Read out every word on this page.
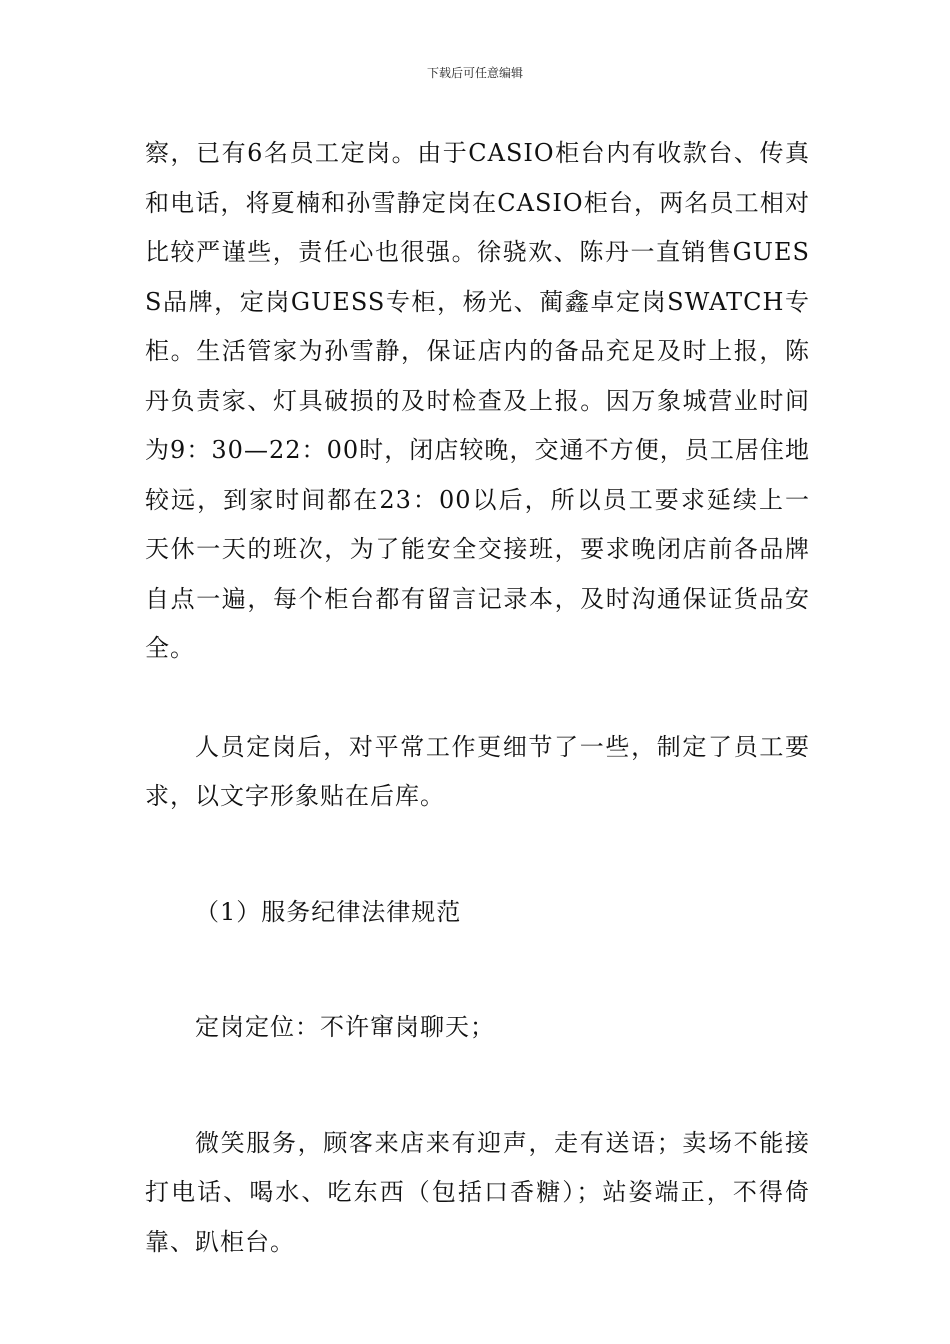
下载后可任意编辑

察，已有6名员工定岗。由于CASIO柜台内有收款台、传真和电话，将夏楠和孙雪静定岗在CASIO柜台，两名员工相对比较严谨些，责任心也很强。徐骁欢、陈丹一直销售GUESS品牌，定岗GUESS专柜，杨光、蔺鑫卓定岗SWATCH专柜。生活管家为孙雪静，保证店内的备品充足及时上报，陈丹负责家、灯具破损的及时检查及上报。因万象城营业时间为9：30—22：00时，闭店较晚，交通不方便，员工居住地较远，到家时间都在23：00以后，所以员工要求延续上一天休一天的班次，为了能安全交接班，要求晚闭店前各品牌自点一遍，每个柜台都有留言记录本，及时沟通保证货品安全。

人员定岗后，对平常工作更细节了一些，制定了员工要求，以文字形象贴在后库。

（1）服务纪律法律规范

定岗定位：不许窜岗聊天；

微笑服务，顾客来店来有迎声，走有送语；卖场不能接打电话、喝水、吃东西（包括口香糖）；站姿端正，不得倚靠、趴柜台。
